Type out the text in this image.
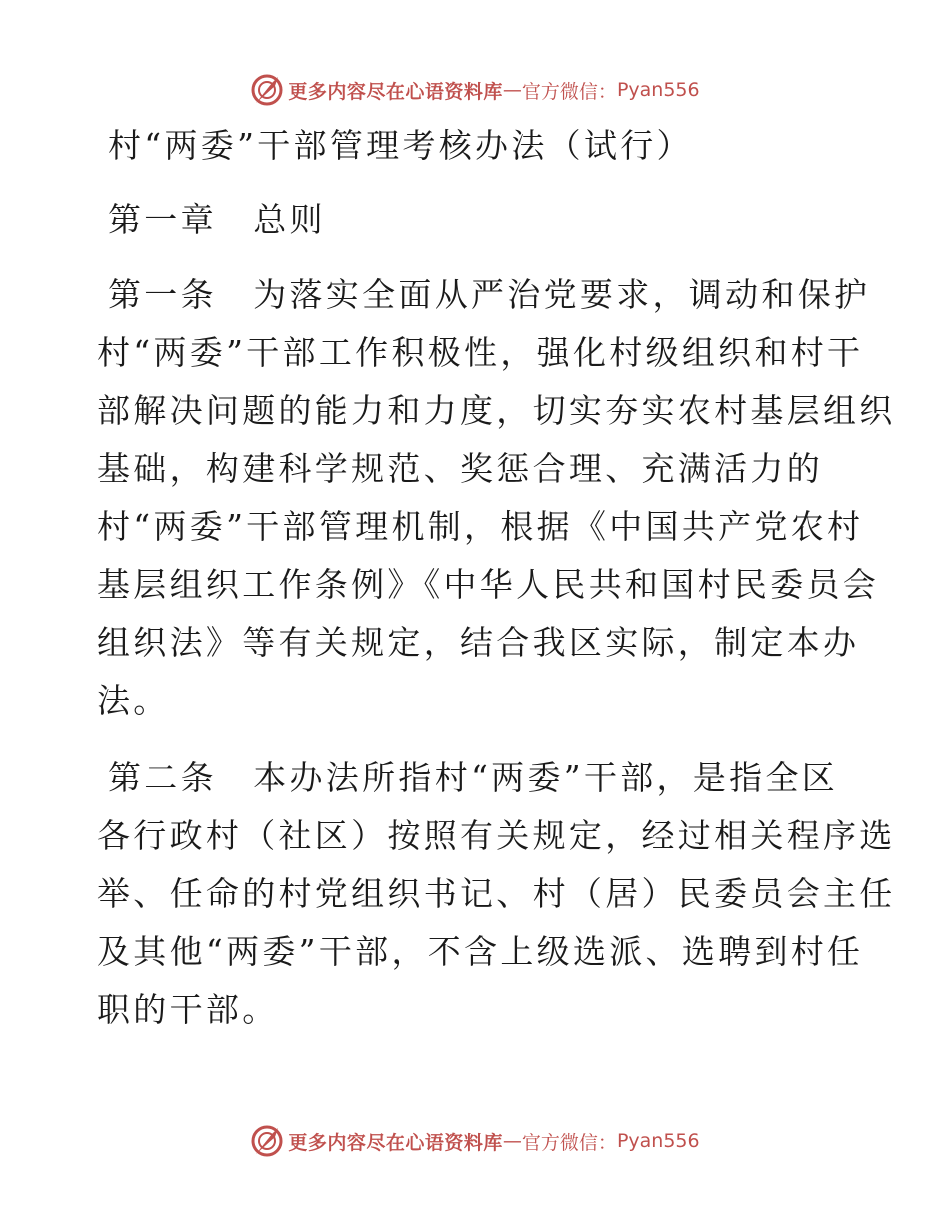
更多内容尽在心语资料库 — 官方微信： Pyan556
村“两委”干部管理考核办法（试行）
第一章　总则
第一条　为落实全面从严治党要求，调动和保护
村“两委”干部工作积极性，强化村级组织和村干
部解决问题的能力和力度，切实夯实农村基层组织
基础，构建科学规范、奖惩合理、充满活力的
村“两委”干部管理机制，根据《中国共产党农村
基层组织工作条例》《中华人民共和国村民委员会
组织法》等有关规定，结合我区实际，制定本办
法。
第二条　本办法所指村“两委”干部，是指全区
各行政村（社区）按照有关规定，经过相关程序选
举、任命的村党组织书记、村（居）民委员会主任
及其他“两委”干部，不含上级选派、选聘到村任
职的干部。
更多内容尽在心语资料库 — 官方微信： Pyan556
